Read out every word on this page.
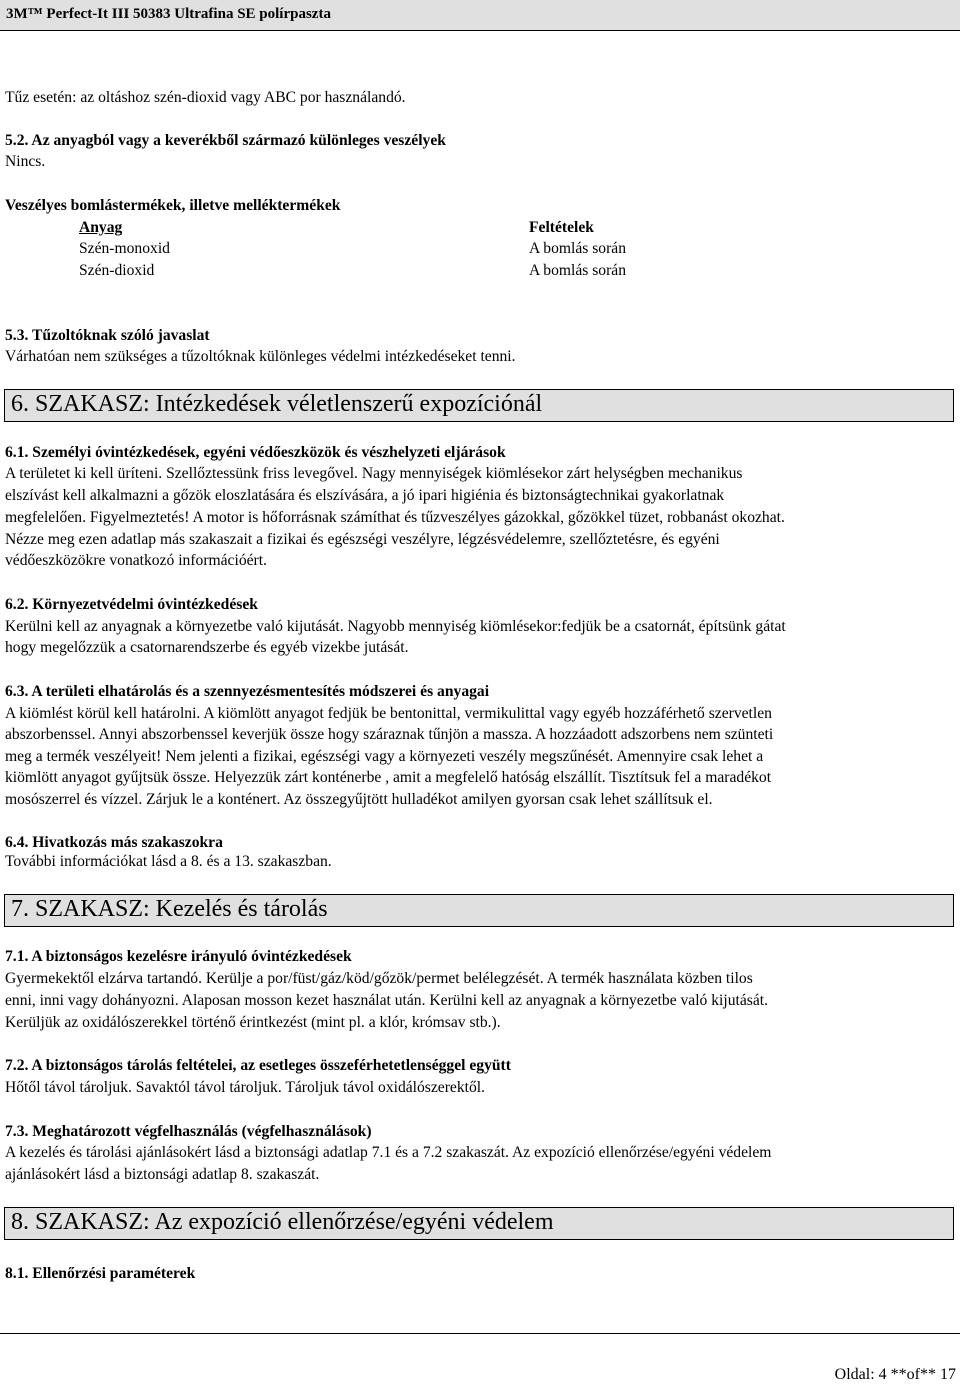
3M™ Perfect-It III 50383 Ultrafina SE polírpaszta
Tűz esetén: az oltáshoz szén-dioxid vagy ABC por használandó.
5.2. Az anyagból vagy a keverékből származó különleges veszélyek
Nincs.
Veszélyes bomlástermékek, illetve melléktermékek
Anyag	Feltételek
Szén-monoxid	A bomlás során
Szén-dioxid	A bomlás során
5.3. Tűzoltóknak szóló javaslat
Várhatóan nem szükséges a tűzoltóknak különleges védelmi intézkedéseket tenni.
6. SZAKASZ: Intézkedések véletlenszerű expozíciónál
6.1. Személyi óvintézkedések, egyéni védőeszközök és vészhelyzeti eljárások
A területet ki kell üríteni. Szellőztessünk friss levegővel. Nagy mennyiségek kiömlésekor zárt helységben mechanikus
elszívást kell alkalmazni a gőzök eloszlatására és elszívására, a jó ipari higiénia és biztonságtechnikai gyakorlatnak
megfelelően. Figyelmeztetés! A motor is hőforrásnak számíthat és tűzveszélyes gázokkal, gőzökkel tüzet, robbanást okozhat.
Nézze meg ezen adatlap más szakaszait a fizikai és egészségi veszélyre, légzésvédelemre, szellőztetésre, és egyéni
védőeszközökre vonatkozó információért.
6.2. Környezetvédelmi óvintézkedések
Kerülni kell az anyagnak a környezetbe való kijutását. Nagyobb mennyiség kiömlésekor:fedjük be a csatornát, építsünk gátat
hogy megelőzzük a csatornarendszerbe és egyéb vizekbe jutását.
6.3. A területi elhatárolás és a szennyezésmentesítés módszerei és anyagai
A kiömlést körül kell határolni. A kiömlött anyagot fedjük be bentonittal, vermikulittal vagy egyéb hozzáférhető szervetlen
abszorbenssel. Annyi abszorbenssel keverjük össze hogy száraznak tűnjön a massza. A hozzáadott adszorbens nem szünteti
meg a termék veszélyeit! Nem jelenti a fizikai, egészségi vagy a környezeti veszély megszűnését. Amennyire csak lehet a
kiömlött anyagot gyűjtsük össze. Helyezzük zárt konténerbe , amit a megfelelő hatóság elszállít. Tisztítsuk fel a maradékot
mosószerrel és vízzel. Zárjuk le a konténert. Az összegyűjtött hulladékot amilyen gyorsan csak lehet szállítsuk el.
6.4. Hivatkozás más szakaszokra
További információkat lásd a 8. és a 13. szakaszban.
7. SZAKASZ: Kezelés és tárolás
7.1. A biztonságos kezelésre irányuló óvintézkedések
Gyermekektől elzárva tartandó. Kerülje a por/füst/gáz/köd/gőzök/permet belélegzését. A termék használata közben tilos
enni, inni vagy dohányozni. Alaposan mosson kezet használat után. Kerülni kell az anyagnak a környezetbe való kijutását.
Kerüljük az oxidálószerekkel történő érintkezést (mint pl. a klór, krómsav stb.).
7.2. A biztonságos tárolás feltételei, az esetleges összeférhetetlenséggel együtt
Hőtől távol tároljuk. Savaktól távol tároljuk. Tároljuk távol oxidálószerektől.
7.3. Meghatározott végfelhasználás (végfelhasználások)
A kezelés és tárolási ajánlásokért lásd a biztonsági adatlap 7.1 és a 7.2 szakaszát. Az expozíció ellenőrzése/egyéni védelem
ajánlásokért lásd a biztonsági adatlap 8. szakaszát.
8. SZAKASZ: Az expozíció ellenőrzése/egyéni védelem
8.1. Ellenőrzési paraméterek
Oldal: 4 **of** 17
